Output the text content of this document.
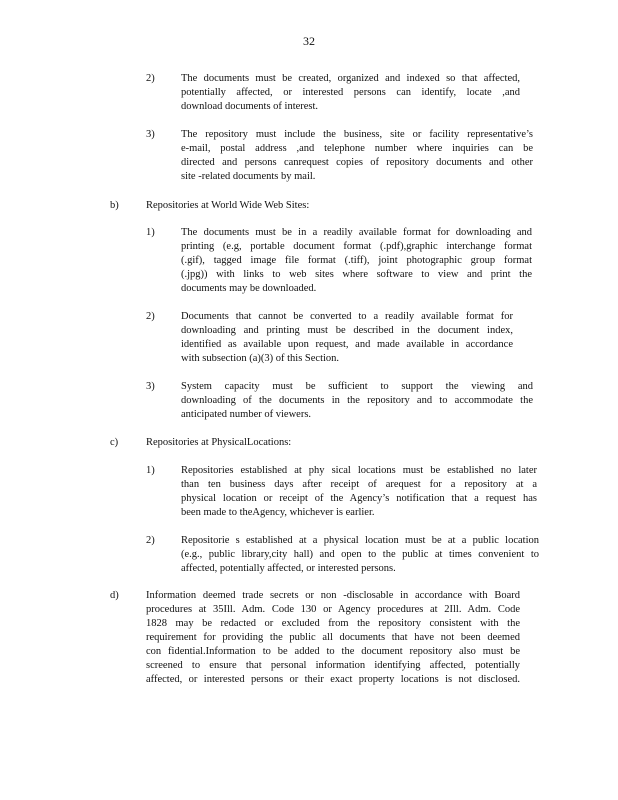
32
2)	The documents must be created, organized and indexed so that affected,
potentially affected, or interested persons can identify, locate ,and
download documents of interest.
3)	The repository must include the business, site or facility representative’s
e-mail, postal address ,and telephone number where inquiries can be
directed and persons canrequest copies of repository documents and other
site -related documents by mail.
b)	Repositories at World Wide Web Sites:
1)	The documents must be in a readily available format for downloading and
printing (e.g, portable document format (.pdf),graphic interchange format
(.gif), tagged image file format (.tiff), joint photographic group format
(.jpg)) with links to web sites where software to view and print the
documents may be downloaded.
2)	Documents that cannot be converted to a readily available format for
downloading and printing must be described in the document index,
identified as available upon request, and made available in accordance
with subsection (a)(3) of this Section.
3)	System capacity must be sufficient to support the viewing and
downloading of the documents in the repository and to accommodate the
anticipated number of viewers.
c)	Repositories at PhysicalLocations:
1)	Repositories established at phy sical locations must be established no later
than ten business days after receipt of arequest for a repository at a
physical location or receipt of the Agency’s notification that a request has
been made to theAgency, whichever is earlier.
2)	Repositorie s established at a physical location must be at a public location
(e.g., public library,city hall) and open to the public at times convenient to
affected, potentially affected, or interested persons.
d)	Information deemed trade secrets or non -disclosable in accordance with Board
procedures at 35Ill. Adm. Code 130 or Agency procedures at 2Ill. Adm. Code
1828 may be redacted or excluded from the repository consistent with the
requirement for providing the public all documents that have not been deemed
con fidential.Information to be added to the document repository also must be
screened to ensure that personal information identifying affected, potentially
affected, or interested persons or their exact property locations is not disclosed.
